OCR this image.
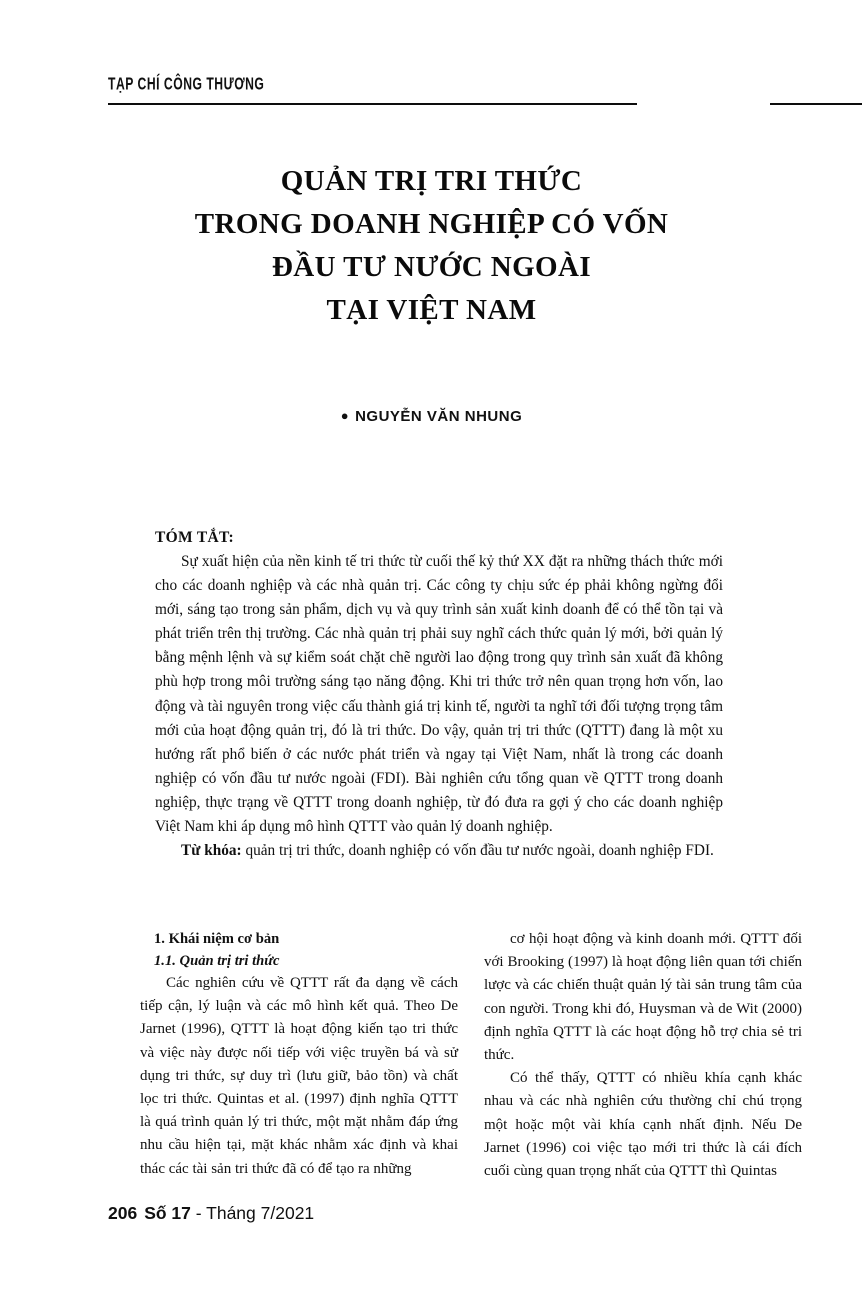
TẠP CHÍ CÔNG THƯƠNG
QUẢN TRỊ TRI THỨC
TRONG DOANH NGHIỆP CÓ VỐN
ĐẦU TƯ NƯỚC NGOÀI
TẠI VIỆT NAM
● NGUYỄN VĂN NHUNG
TÓM TẮT:
Sự xuất hiện của nền kinh tế tri thức từ cuối thế kỷ thứ XX đặt ra những thách thức mới cho các doanh nghiệp và các nhà quản trị. Các công ty chịu sức ép phải không ngừng đổi mới, sáng tạo trong sản phẩm, dịch vụ và quy trình sản xuất kinh doanh để có thể tồn tại và phát triển trên thị trường. Các nhà quản trị phải suy nghĩ cách thức quản lý mới, bởi quản lý bằng mệnh lệnh và sự kiểm soát chặt chẽ người lao động trong quy trình sản xuất đã không phù hợp trong môi trường sáng tạo năng động. Khi tri thức trở nên quan trọng hơn vốn, lao động và tài nguyên trong việc cấu thành giá trị kinh tế, người ta nghĩ tới đối tượng trọng tâm mới của hoạt động quản trị, đó là tri thức. Do vậy, quản trị tri thức (QTTT) đang là một xu hướng rất phổ biến ở các nước phát triển và ngay tại Việt Nam, nhất là trong các doanh nghiệp có vốn đầu tư nước ngoài (FDI). Bài nghiên cứu tổng quan về QTTT trong doanh nghiệp, thực trạng về QTTT trong doanh nghiệp, từ đó đưa ra gợi ý cho các doanh nghiệp Việt Nam khi áp dụng mô hình QTTT vào quản lý doanh nghiệp.
Từ khóa: quản trị tri thức, doanh nghiệp có vốn đầu tư nước ngoài, doanh nghiệp FDI.
1. Khái niệm cơ bản
1.1. Quản trị tri thức

Các nghiên cứu về QTTT rất đa dạng về cách tiếp cận, lý luận và các mô hình kết quả. Theo De Jarnet (1996), QTTT là hoạt động kiến tạo tri thức và việc này được nối tiếp với việc truyền bá và sử dụng tri thức, sự duy trì (lưu giữ, bảo tồn) và chất lọc tri thức. Quintas et al. (1997) định nghĩa QTTT là quá trình quản lý tri thức, một mặt nhằm đáp ứng nhu cầu hiện tại, mặt khác nhằm xác định và khai thác các tài sản tri thức đã có để tạo ra những

cơ hội hoạt động và kinh doanh mới. QTTT đối với Brooking (1997) là hoạt động liên quan tới chiến lược và các chiến thuật quản lý tài sản trung tâm của con người. Trong khi đó, Huysman và de Wit (2000) định nghĩa QTTT là các hoạt động hỗ trợ chia sẻ tri thức.

Có thể thấy, QTTT có nhiều khía cạnh khác nhau và các nhà nghiên cứu thường chỉ chú trọng một hoặc một vài khía cạnh nhất định. Nếu De Jarnet (1996) coi việc tạo mới tri thức là cái đích cuối cùng quan trọng nhất của QTTT thì Quintas

206 Số 17 - Tháng 7/2021
